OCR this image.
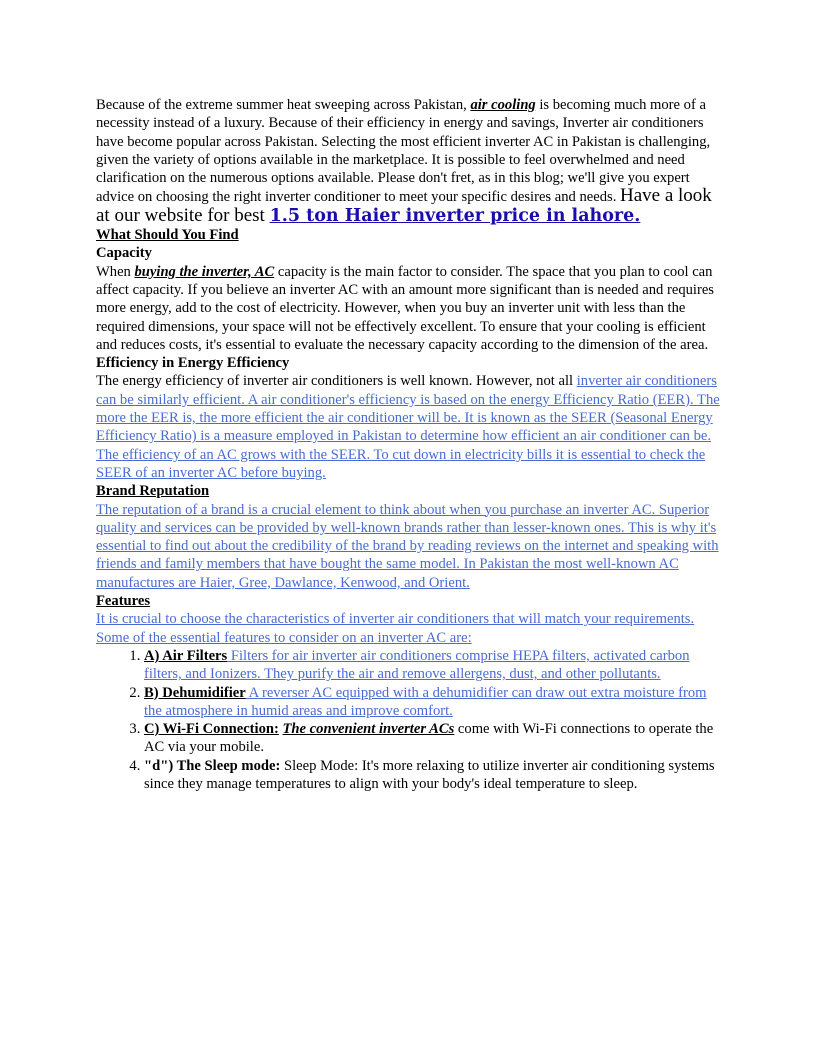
Because of the extreme summer heat sweeping across Pakistan, air cooling is becoming much more of a necessity instead of a luxury. Because of their efficiency in energy and savings, Inverter air conditioners have become popular across Pakistan. Selecting the most efficient inverter AC in Pakistan is challenging, given the variety of options available in the marketplace. It is possible to feel overwhelmed and need clarification on the numerous options available. Please don't fret, as in this blog; we'll give you expert advice on choosing the right inverter conditioner to meet your specific desires and needs. Have a look at our website for best 1.5 ton Haier inverter price in lahore.

What Should You Find

Capacity

When buying the inverter, AC capacity is the main factor to consider. The space that you plan to cool can affect capacity. If you believe an inverter AC with an amount more significant than is needed and requires more energy, add to the cost of electricity. However, when you buy an inverter unit with less than the required dimensions, your space will not be effectively excellent. To ensure that your cooling is efficient and reduces costs, it's essential to evaluate the necessary capacity according to the dimension of the area.

Efficiency in Energy Efficiency

The energy efficiency of inverter air conditioners is well known. However, not all inverter air conditioners can be similarly efficient. A air conditioner's efficiency is based on the energy Efficiency Ratio (EER). The more the EER is, the more efficient the air conditioner will be. It is known as the SEER (Seasonal Energy Efficiency Ratio) is a measure employed in Pakistan to determine how efficient an air conditioner can be. The efficiency of an AC grows with the SEER. To cut down in electricity bills it is essential to check the SEER of an inverter AC before buying.

Brand Reputation

The reputation of a brand is a crucial element to think about when you purchase an inverter AC. Superior quality and services can be provided by well-known brands rather than lesser-known ones. This is why it's essential to find out about the credibility of the brand by reading reviews on the internet and speaking with friends and family members that have bought the same model. In Pakistan the most well-known AC manufactures are Haier, Gree, Dawlance, Kenwood, and Orient.

Features

It is crucial to choose the characteristics of inverter air conditioners that will match your requirements. Some of the essential features to consider on an inverter AC are:

1. A) Air Filters Filters for air inverter air conditioners comprise HEPA filters, activated carbon filters, and Ionizers. They purify the air and remove allergens, dust, and other pollutants.
2. B) Dehumidifier A reverser AC equipped with a dehumidifier can draw out extra moisture from the atmosphere in humid areas and improve comfort.
3. C) Wi-Fi Connection: The convenient inverter ACs come with Wi-Fi connections to operate the AC via your mobile.
4. "d") The Sleep mode: Sleep Mode: It's more relaxing to utilize inverter air conditioning systems since they manage temperatures to align with your body's ideal temperature to sleep.
